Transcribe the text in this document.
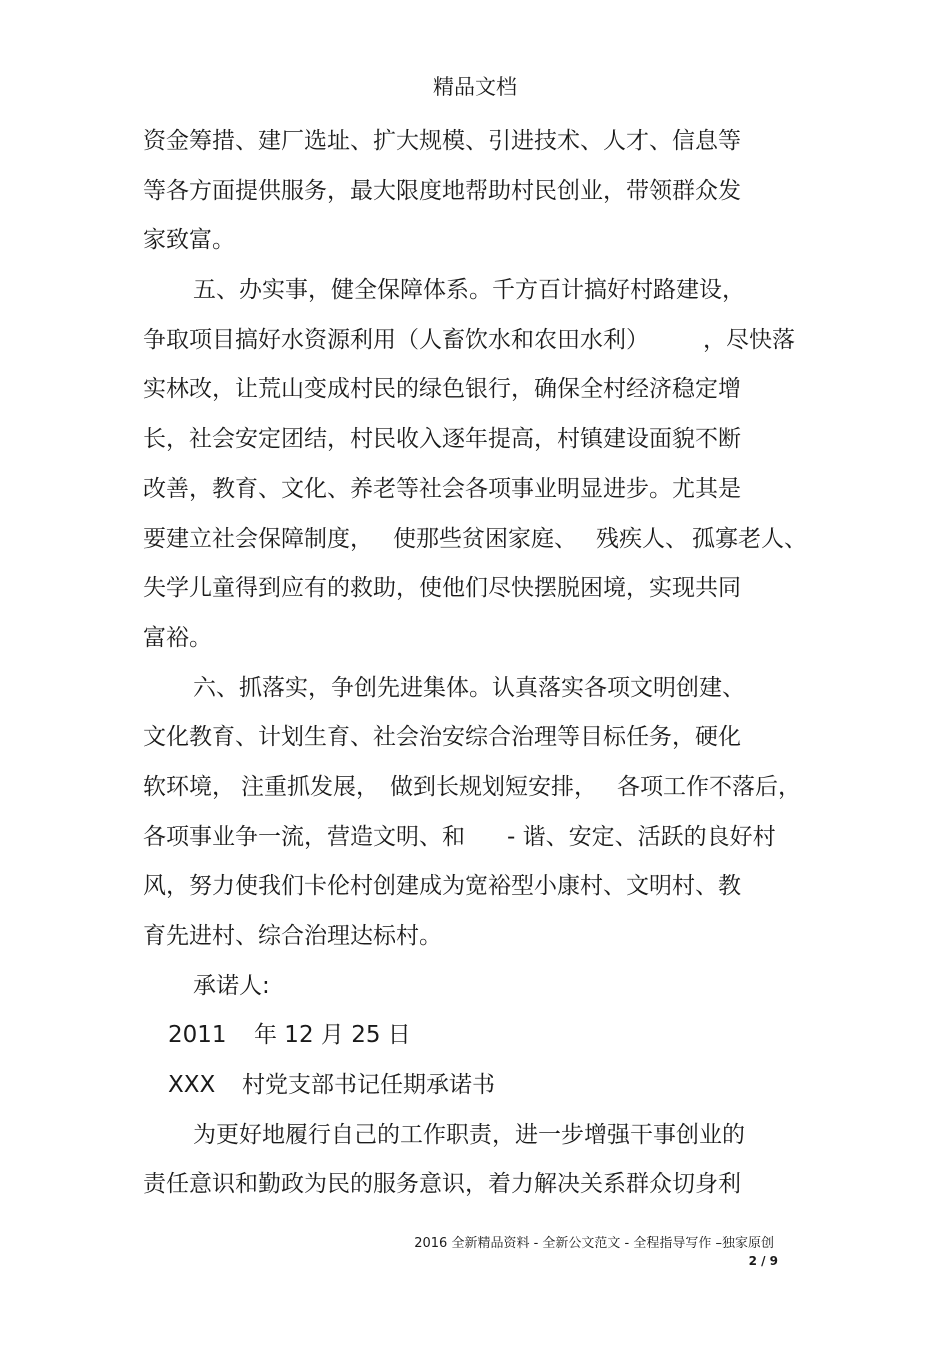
精品文档
资金筹措、建厂选址、扩大规模、引进技术、人才、信息等
等各方面提供服务，最大限度地帮助村民创业，带领群众发
家致富。
五、办实事，健全保障体系。千方百计搞好村路建设，
争取项目搞好水资源利用（人畜饮水和农田水利） ，尽快落
实林改，让荒山变成村民的绿色银行，确保全村经济稳定增
长，社会安定团结，村民收入逐年提高，村镇建设面貌不断
改善，教育、文化、养老等社会各项事业明显进步。尤其是
要建立社会保障制度， 使那些贫困家庭、 残疾人、 孤寡老人、
失学儿童得到应有的救助，使他们尽快摆脱困境，实现共同
富裕。
六、抓落实，争创先进集体。认真落实各项文明创建、
文化教育、计划生育、社会治安综合治理等目标任务，硬化
软环境， 注重抓发展， 做到长规划短安排， 各项工作不落后，
各项事业争一流，营造文明、和 - 谐、安定、活跃的良好村
风，努力使我们卡伦村创建成为宽裕型小康村、文明村、教
育先进村、综合治理达标村。
承诺人:
2011 年 12 月 25 日
XXX 村党支部书记任期承诺书
为更好地履行自己的工作职责，进一步增强干事创业的
责任意识和勤政为民的服务意识，着力解决关系群众切身利
2016 全新精品资料 - 全新公文范文 - 全程指导写作 –独家原创
2 / 9
